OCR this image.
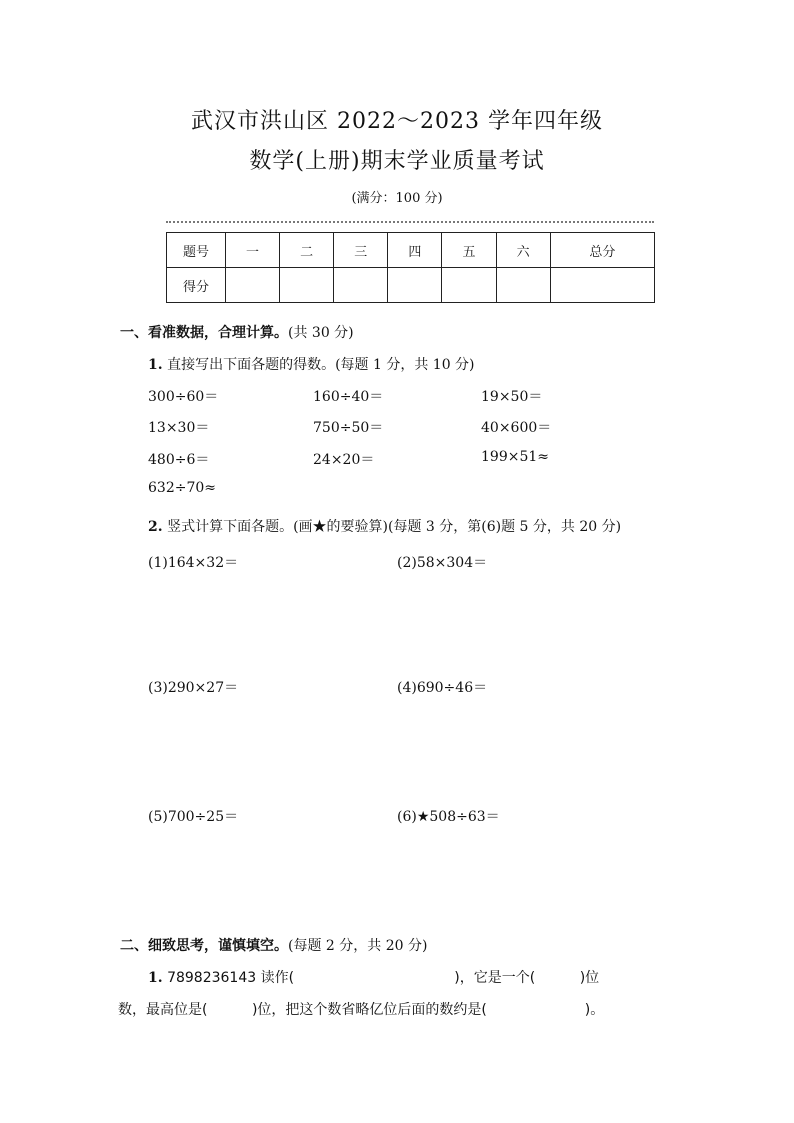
武汉市洪山区 2022～2023 学年四年级
数学(上册)期末学业质量考试
(满分：100 分)
题号	一	二	三	四	五	六	总分
得分							
一、看准数据，合理计算。(共 30 分)
1. 直接写出下面各题的得数。(每题 1 分，共 10 分)
300÷60＝	160÷40＝	19×50＝
13×30＝	750÷50＝	40×600＝
480÷6＝	24×20＝	199×51≈
632÷70≈
2. 竖式计算下面各题。(画★的要验算)(每题 3 分，第(6)题 5 分，共 20 分)
(1)164×32＝	(2)58×304＝
(3)290×27＝	(4)690÷46＝
(5)700÷25＝	(6)★508÷63＝
二、细致思考，谨慎填空。(每题 2 分，共 20 分)
1. 7898236143 读作(                                    )，它是一个(          )位
数，最高位是(          )位，把这个数省略亿位后面的数约是(                      )。
